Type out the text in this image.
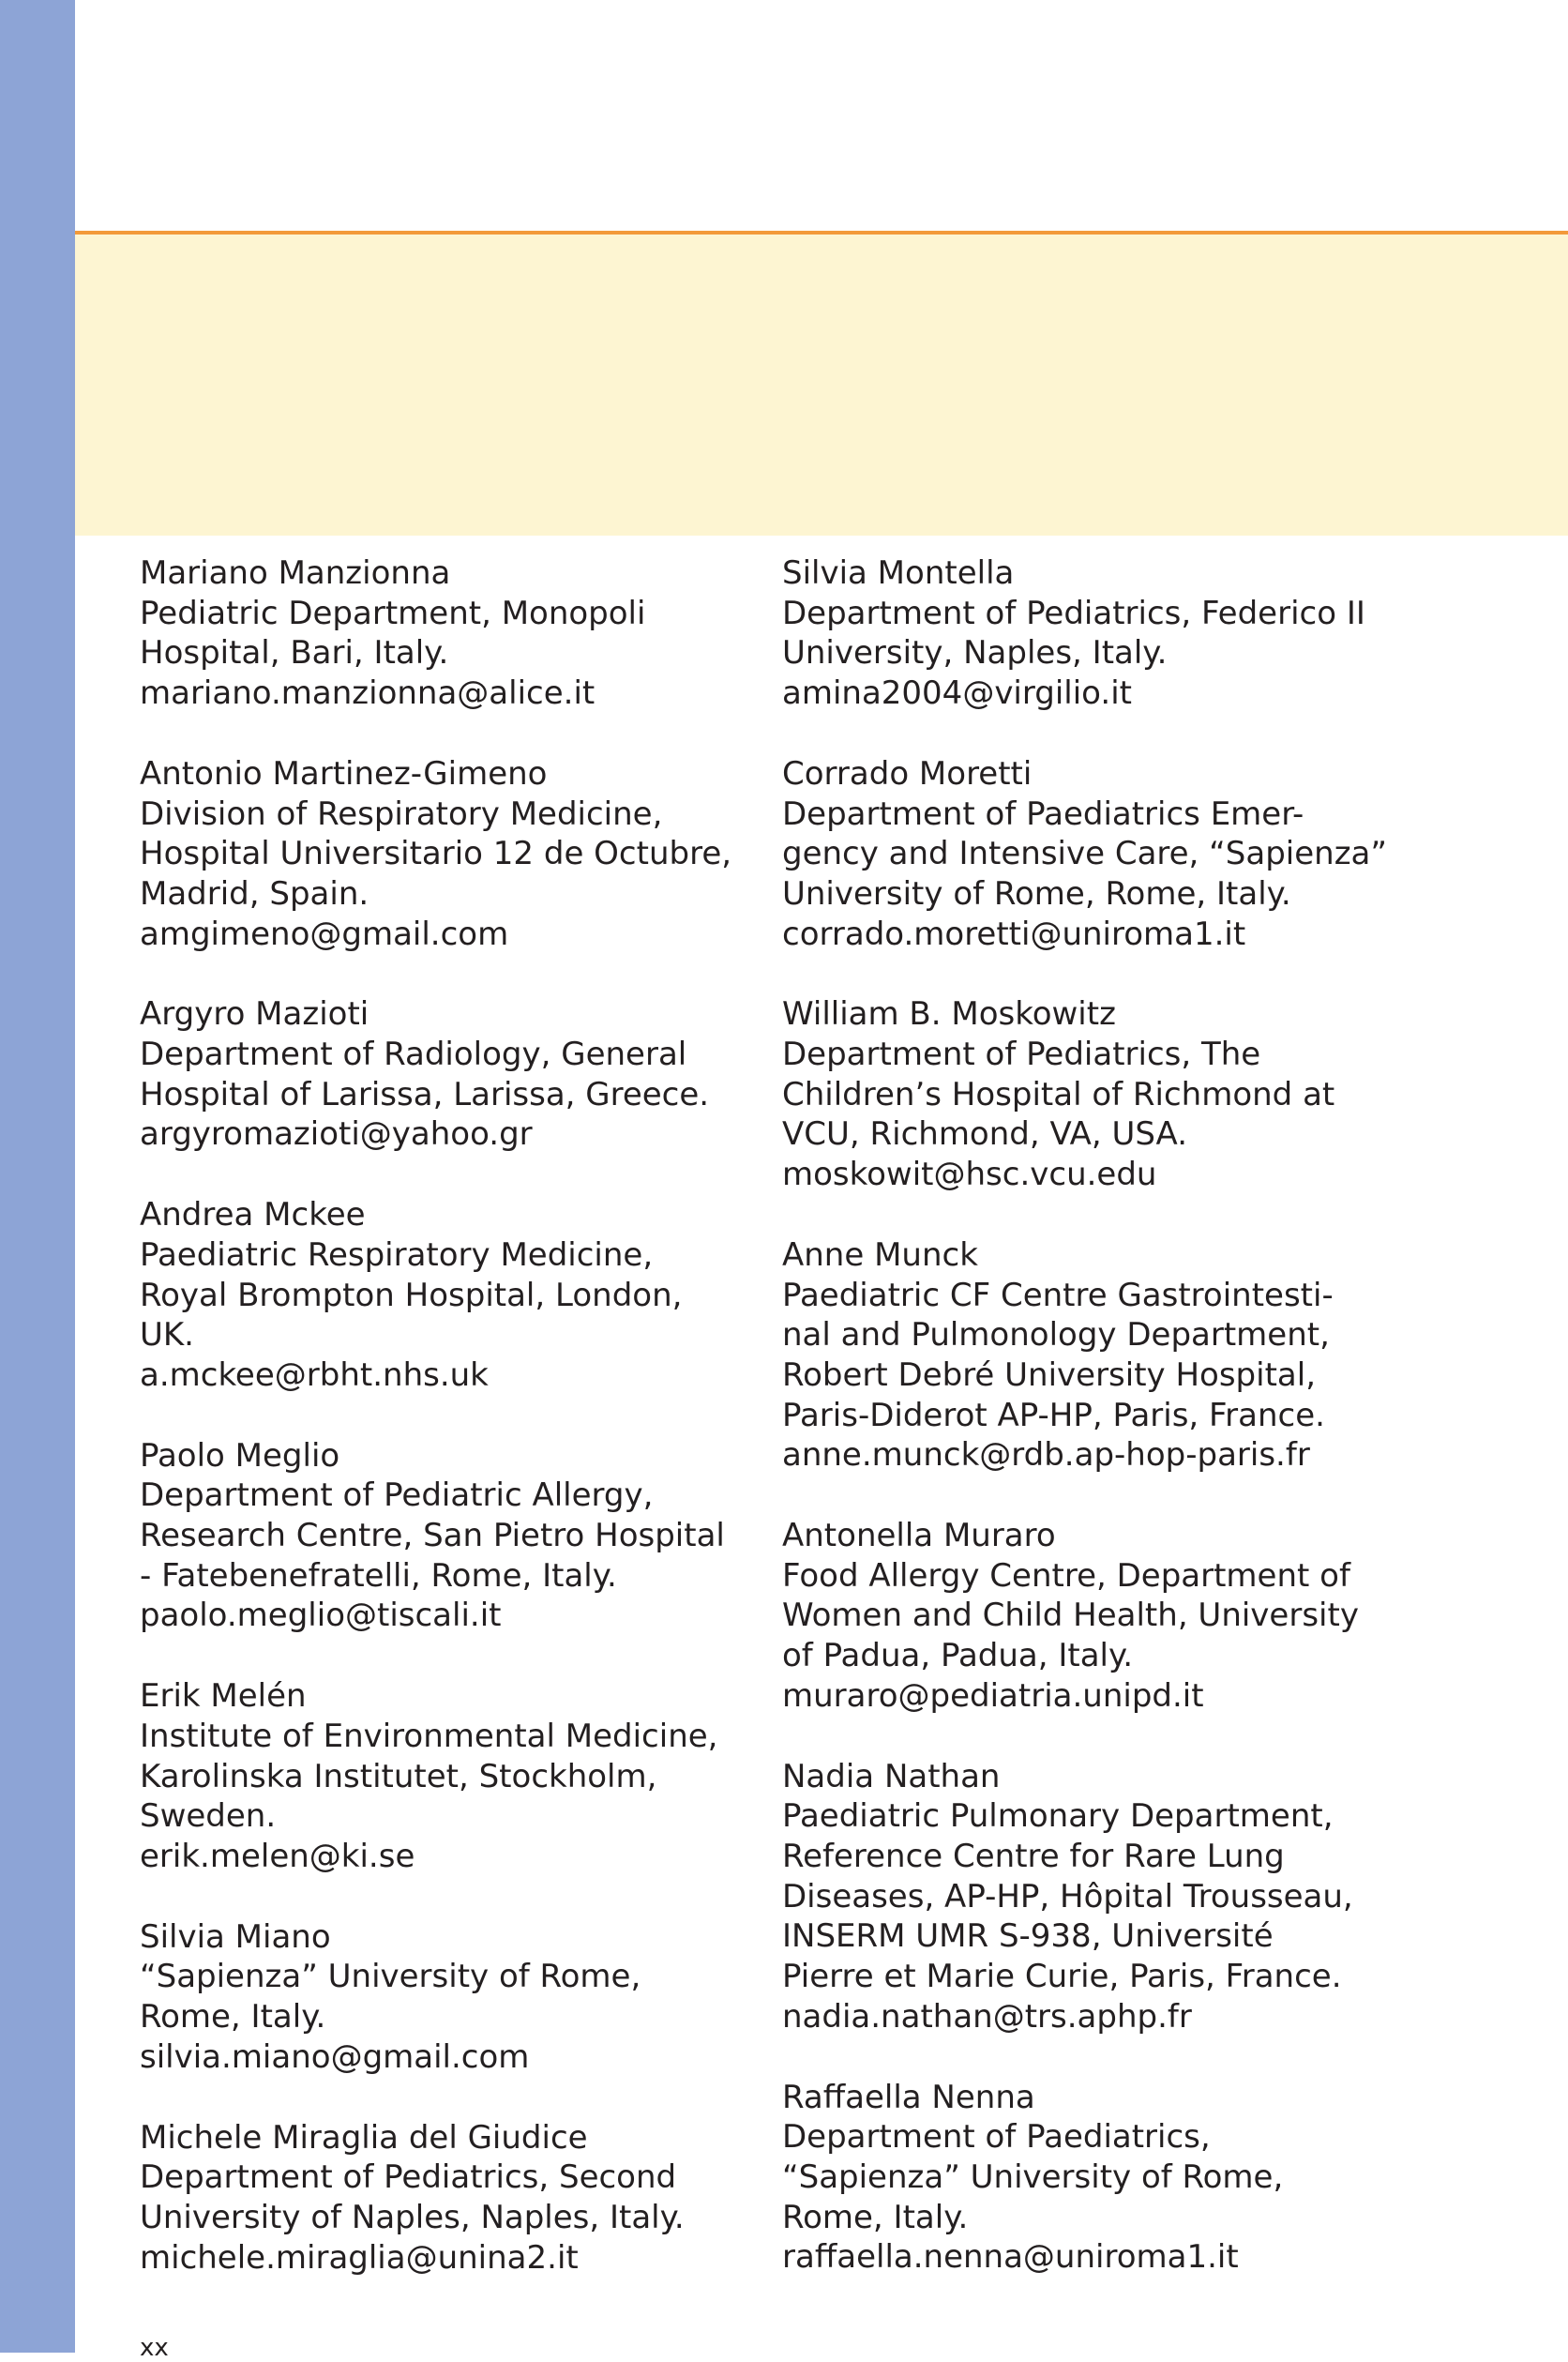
Mariano Manzionna
Pediatric Department, Monopoli
Hospital, Bari, Italy.
mariano.manzionna@alice.it
Antonio Martinez-Gimeno
Division of Respiratory Medicine,
Hospital Universitario 12 de Octubre,
Madrid, Spain.
amgimeno@gmail.com
Argyro Mazioti
Department of Radiology, General
Hospital of Larissa, Larissa, Greece.
argyromazioti@yahoo.gr
Andrea Mckee
Paediatric Respiratory Medicine,
Royal Brompton Hospital, London,
UK.
a.mckee@rbht.nhs.uk
Paolo Meglio
Department of Pediatric Allergy,
Research Centre, San Pietro Hospital
- Fatebenefratelli, Rome, Italy.
paolo.meglio@tiscali.it
Erik Melén
Institute of Environmental Medicine,
Karolinska Institutet, Stockholm,
Sweden.
erik.melen@ki.se
Silvia Miano
“Sapienza” University of Rome,
Rome, Italy.
silvia.miano@gmail.com
Michele Miraglia del Giudice
Department of Pediatrics, Second
University of Naples, Naples, Italy.
michele.miraglia@unina2.it
Silvia Montella
Department of Pediatrics, Federico II
University, Naples, Italy.
amina2004@virgilio.it
Corrado Moretti
Department of Paediatrics Emer-
gency and Intensive Care, “Sapienza”
University of Rome, Rome, Italy.
corrado.moretti@uniroma1.it
William B. Moskowitz
Department of Pediatrics, The
Children’s Hospital of Richmond at
VCU, Richmond, VA, USA.
moskowit@hsc.vcu.edu
Anne Munck
Paediatric CF Centre Gastrointesti-
nal and Pulmonology Department,
Robert Debré University Hospital,
Paris-Diderot AP-HP, Paris, France.
anne.munck@rdb.ap-hop-paris.fr
Antonella Muraro
Food Allergy Centre, Department of
Women and Child Health, University
of Padua, Padua, Italy.
muraro@pediatria.unipd.it
Nadia Nathan
Paediatric Pulmonary Department,
Reference Centre for Rare Lung
Diseases, AP-HP, Hôpital Trousseau,
INSERM UMR S-938, Université
Pierre et Marie Curie, Paris, France.
nadia.nathan@trs.aphp.fr
Raffaella Nenna
Department of Paediatrics,
“Sapienza” University of Rome,
Rome, Italy.
raffaella.nenna@uniroma1.it
xx
